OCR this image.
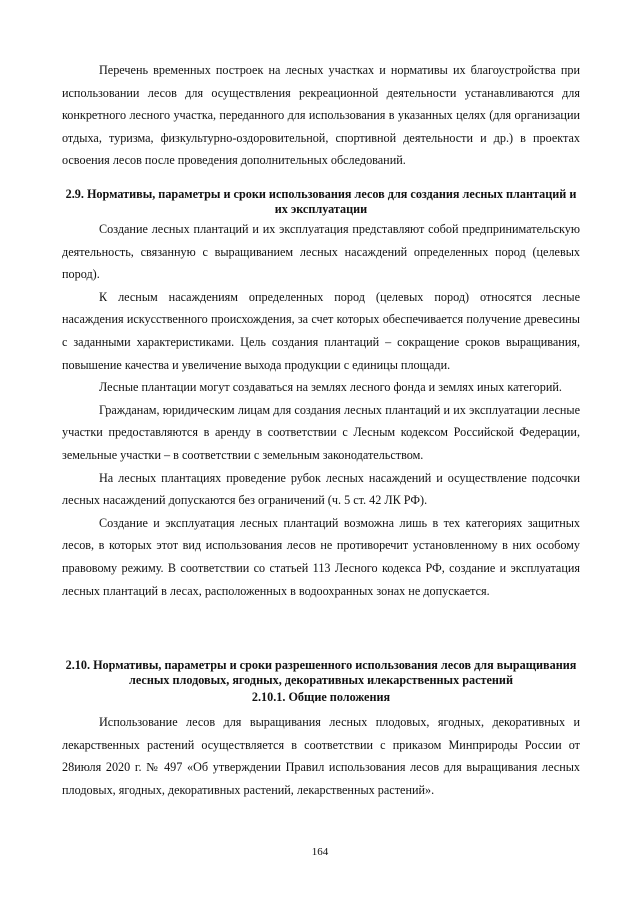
Перечень временных построек на лесных участках и нормативы их благоустройства при использовании лесов для осуществления рекреационной деятельности устанавливаются для конкретного лесного участка, переданного для использования в указанных целях (для организации отдыха, туризма, физкультурно-оздоровительной, спортивной деятельности и др.) в проектах освоения лесов после проведения дополнительных обследований.

2.9. Нормативы, параметры и сроки использования лесов для создания лесных плантаций и их эксплуатации

Создание лесных плантаций и их эксплуатация представляют собой предпринимательскую деятельность, связанную с выращиванием лесных насаждений определенных пород (целевых пород).

К лесным насаждениям определенных пород (целевых пород) относятся лесные насаждения искусственного происхождения, за счет которых обеспечивается получение древесины с заданными характеристиками. Цель создания плантаций – сокращение сроков выращивания, повышение качества и увеличение выхода продукции с единицы площади.

Лесные плантации могут создаваться на землях лесного фонда и землях иных категорий.

Гражданам, юридическим лицам для создания лесных плантаций и их эксплуатации лесные участки предоставляются в аренду в соответствии с Лесным кодексом Российской Федерации, земельные участки – в соответствии с земельным законодательством.

На лесных плантациях проведение рубок лесных насаждений и осуществление подсочки лесных насаждений допускаются без ограничений (ч. 5 ст. 42 ЛК РФ).

Создание и эксплуатация лесных плантаций возможна лишь в тех категориях защитных лесов, в которых этот вид использования лесов не противоречит установленному в них особому правовому режиму. В соответствии со статьей 113 Лесного кодекса РФ, создание и эксплуатация лесных плантаций в лесах, расположенных в водоохранных зонах не допускается.

2.10. Нормативы, параметры и сроки разрешенного использования лесов для выращивания лесных плодовых, ягодных, декоративных илекарственных растений
2.10.1. Общие положения

Использование лесов для выращивания лесных плодовых, ягодных, декоративных и лекарственных растений осуществляется в соответствии с приказом Минприроды России от 28июля 2020 г. № 497 «Об утверждении Правил использования лесов для выращивания лесных плодовых, ягодных, декоративных растений, лекарственных растений».

164
